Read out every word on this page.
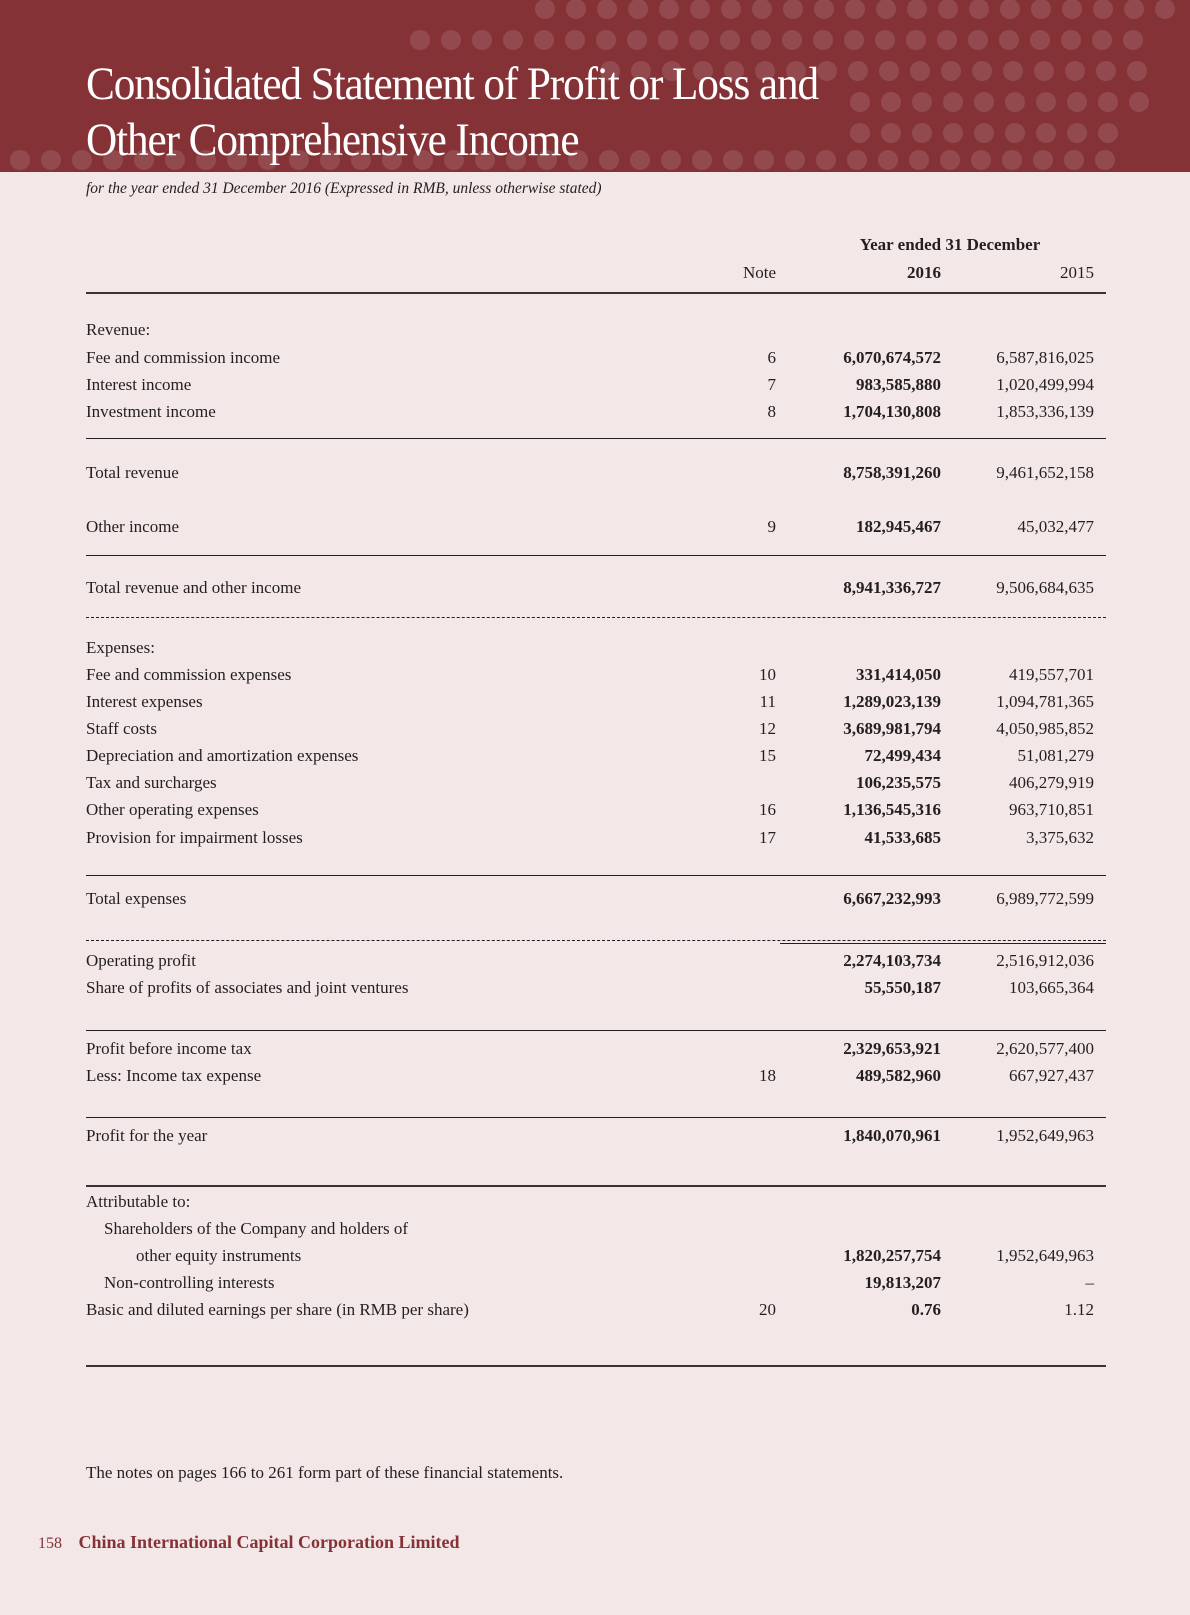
Consolidated Statement of Profit or Loss and
Other Comprehensive Income
for the year ended 31 December 2016 (Expressed in RMB, unless otherwise stated)
Year ended 31 December
Note	2016	2015
Revenue:
Fee and commission income	6	6,070,674,572	6,587,816,025
Interest income	7	983,585,880	1,020,499,994
Investment income	8	1,704,130,808	1,853,336,139
Total revenue	8,758,391,260	9,461,652,158
Other income	9	182,945,467	45,032,477
Total revenue and other income	8,941,336,727	9,506,684,635
Expenses:
Fee and commission expenses	10	331,414,050	419,557,701
Interest expenses	11	1,289,023,139	1,094,781,365
Staff costs	12	3,689,981,794	4,050,985,852
Depreciation and amortization expenses	15	72,499,434	51,081,279
Tax and surcharges	106,235,575	406,279,919
Other operating expenses	16	1,136,545,316	963,710,851
Provision for impairment losses	17	41,533,685	3,375,632
Total expenses	6,667,232,993	6,989,772,599
Operating profit	2,274,103,734	2,516,912,036
Share of profits of associates and joint ventures	55,550,187	103,665,364
Profit before income tax	2,329,653,921	2,620,577,400
Less: Income tax expense	18	489,582,960	667,927,437
Profit for the year	1,840,070,961	1,952,649,963
Attributable to:
Shareholders of the Company and holders of
other equity instruments	1,820,257,754	1,952,649,963
Non-controlling interests	19,813,207	–
Basic and diluted earnings per share (in RMB per share)	20	0.76	1.12
The notes on pages 166 to 261 form part of these financial statements.
158 China International Capital Corporation Limited
